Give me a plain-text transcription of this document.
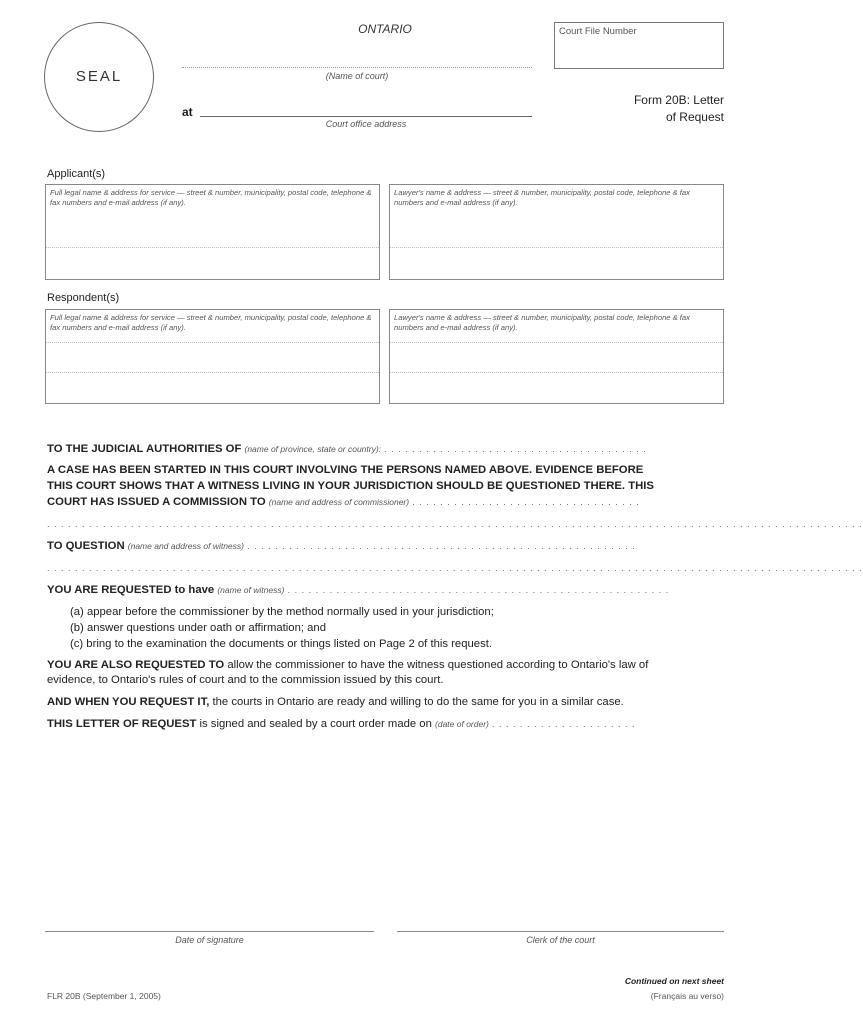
SEAL
ONTARIO	Court File Number
(Name of court)
at
Court office address
Form 20B: Letter
of Request
Applicant(s)
Full legal name & address for service — street & number, municipality, postal code, telephone & fax numbers and e-mail address (if any).
Lawyer's name & address — street & number, municipality, postal code, telephone & fax numbers and e-mail address (if any).
Respondent(s)
Full legal name & address for service — street & number, municipality, postal code, telephone & fax numbers and e-mail address (if any).
Lawyer's name & address — street & number, municipality, postal code, telephone & fax numbers and e-mail address (if any).
TO THE JUDICIAL AUTHORITIES OF (name of province, state or country): . . . . . . . . . . . . . . . . . . . . . . . . . . . . . . . . . . . . . .
A CASE HAS BEEN STARTED IN THIS COURT INVOLVING THE PERSONS NAMED ABOVE. EVIDENCE BEFORE
THIS COURT SHOWS THAT A WITNESS LIVING IN YOUR JURISDICTION SHOULD BE QUESTIONED THERE. THIS
COURT HAS ISSUED A COMMISSION TO (name and address of commissioner) . . . . . . . . . . . . . . . . . . . . . . . . . . . . . . . . .
. . . . . . . . . . . . . . . . . . . . . . . . . . . . . . . . . . . . . . . . . . . . . . . . . . . . . . . . . . . . . . . . . . . . . . . . . . . . . . . . . . . . . . . . . . . . . . . . . . . . . . . . . . . . . . . . . . . . .
TO QUESTION (name and address of witness) . . . . . . . . . . . . . . . . . . . . . . . . . . . . . . . . . . . . . . . . . . . . . . . . . . . . . . . .
. . . . . . . . . . . . . . . . . . . . . . . . . . . . . . . . . . . . . . . . . . . . . . . . . . . . . . . . . . . . . . . . . . . . . . . . . . . . . . . . . . . . . . . . . . . . . . . . . . . . . . . . . . . . . . . . . . . . .
YOU ARE REQUESTED to have (name of witness) . . . . . . . . . . . . . . . . . . . . . . . . . . . . . . . . . . . . . . . . . . . . . . . . . . . . . . .
(a) appear before the commissioner by the method normally used in your jurisdiction;
(b) answer questions under oath or affirmation; and
(c) bring to the examination the documents or things listed on Page 2 of this request.
YOU ARE ALSO REQUESTED TO allow the commissioner to have the witness questioned according to Ontario's law of
evidence, to Ontario's rules of court and to the commission issued by this court.
AND WHEN YOU REQUEST IT, the courts in Ontario are ready and willing to do the same for you in a similar case.
THIS LETTER OF REQUEST is signed and sealed by a court order made on (date of order) . . . . . . . . . . . . . . . . . . . . .
Date of signature	Clerk of the court
Continued on next sheet
(Français au verso)
FLR 20B (September 1, 2005)
